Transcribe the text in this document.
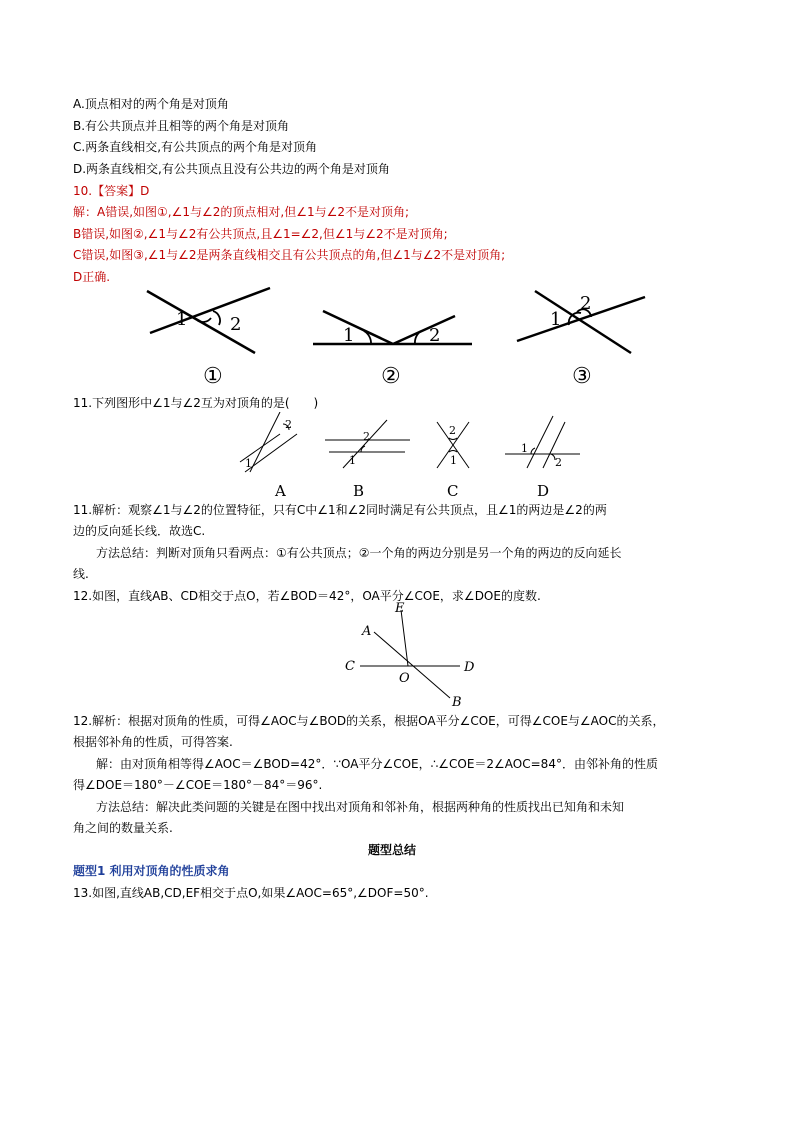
A.顶点相对的两个角是对顶角
B.有公共顶点并且相等的两个角是对顶角
C.两条直线相交,有公共顶点的两个角是对顶角
D.两条直线相交,有公共顶点且没有公共边的两个角是对顶角
10.【答案】D
解：A错误,如图①,∠1与∠2的顶点相对,但∠1与∠2不是对顶角;
B错误,如图②,∠1与∠2有公共顶点,且∠1=∠2,但∠1与∠2不是对顶角;
C错误,如图③,∠1与∠2是两条直线相交且有公共顶点的角,但∠1与∠2不是对顶角;
D正确.
1 2
①
1	2
②
1
2
③
11.下列图形中∠1与∠2互为对顶角的是(　　)
1
2
A
1
2
B
2
1
C
1
2
D
11.解析：观察∠1与∠2的位置特征，只有C中∠1和∠2同时满足有公共顶点，且∠1的两边是∠2的两
边的反向延长线．故选C.
方法总结：判断对顶角只看两点：①有公共顶点；②一个角的两边分别是另一个角的两边的反向延长
线.
12.如图，直线AB、CD相交于点O，若∠BOD＝42°，OA平分∠COE，求∠DOE的度数.
E
A
C
O
D
B
12.解析：根据对顶角的性质，可得∠AOC与∠BOD的关系，根据OA平分∠COE，可得∠COE与∠AOC的关系，
根据邻补角的性质，可得答案.
解：由对顶角相等得∠AOC＝∠BOD=42°．∵OA平分∠COE，∴∠COE＝2∠AOC=84°．由邻补角的性质
得∠DOE＝180°－∠COE＝180°－84°＝96°.
方法总结：解决此类问题的关键是在图中找出对顶角和邻补角，根据两种角的性质找出已知角和未知
角之间的数量关系.
题型总结
题型1 利用对顶角的性质求角
13.如图,直线AB,CD,EF相交于点O,如果∠AOC=65°,∠DOF=50°.
